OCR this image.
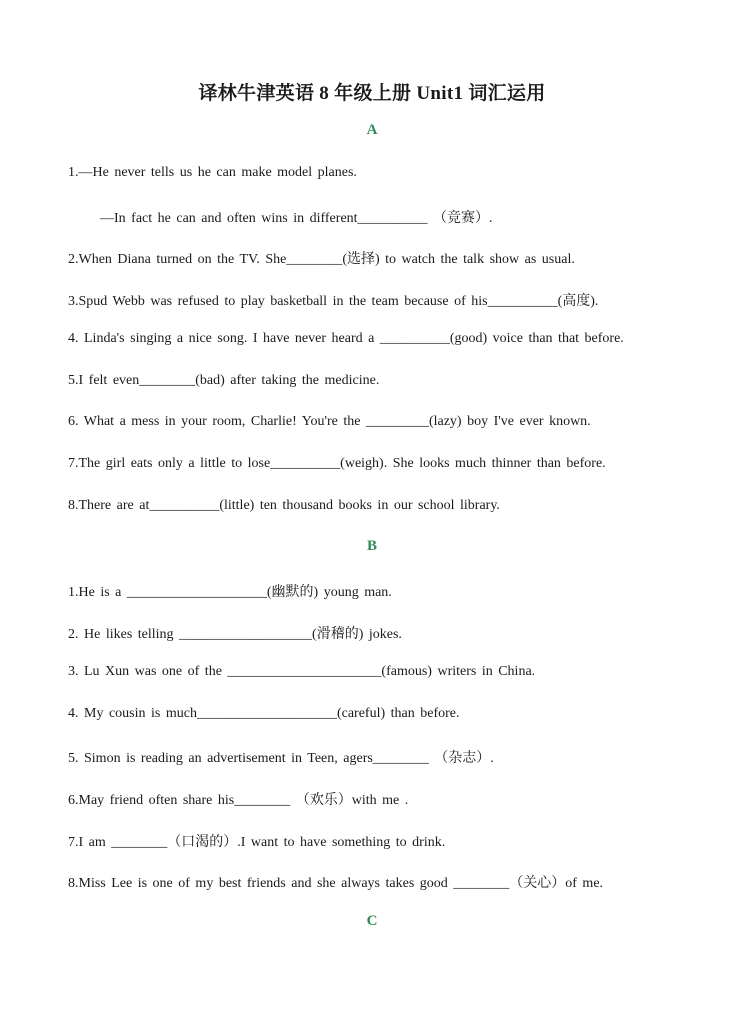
译林牛津英语 8 年级上册 Unit1 词汇运用
A
1.—He never tells us he can make model planes.
—In fact he can and often wins in different__________ （竞赛）.
2.When Diana turned on the TV. She________(选择) to watch the talk show as usual.
3.Spud Webb was refused to play basketball in the team because of his__________(高度).
4. Linda's singing a nice song. I have never heard a __________(good) voice than that before.
5.I felt even________(bad) after taking the medicine.
6. What a mess in your room, Charlie! You're the _________(lazy) boy I've ever known.
7.The girl eats only a little to lose__________(weigh). She looks much thinner than before.
8.There are at__________(little) ten thousand books in our school library.
B
1.He is a ____________________(幽默的) young man.
2. He likes telling ___________________(滑稽的) jokes.
3. Lu Xun was one of the ______________________(famous) writers in China.
4. My cousin is much____________________(careful) than before.
5. Simon is reading an advertisement in Teen, agers________ （杂志）.
6.May friend often share his________ （欢乐）with me .
7.I am ________（口渴的）.I want to have something to drink.
8.Miss Lee is one of my best friends and she always takes good ________（关心）of me.
C
